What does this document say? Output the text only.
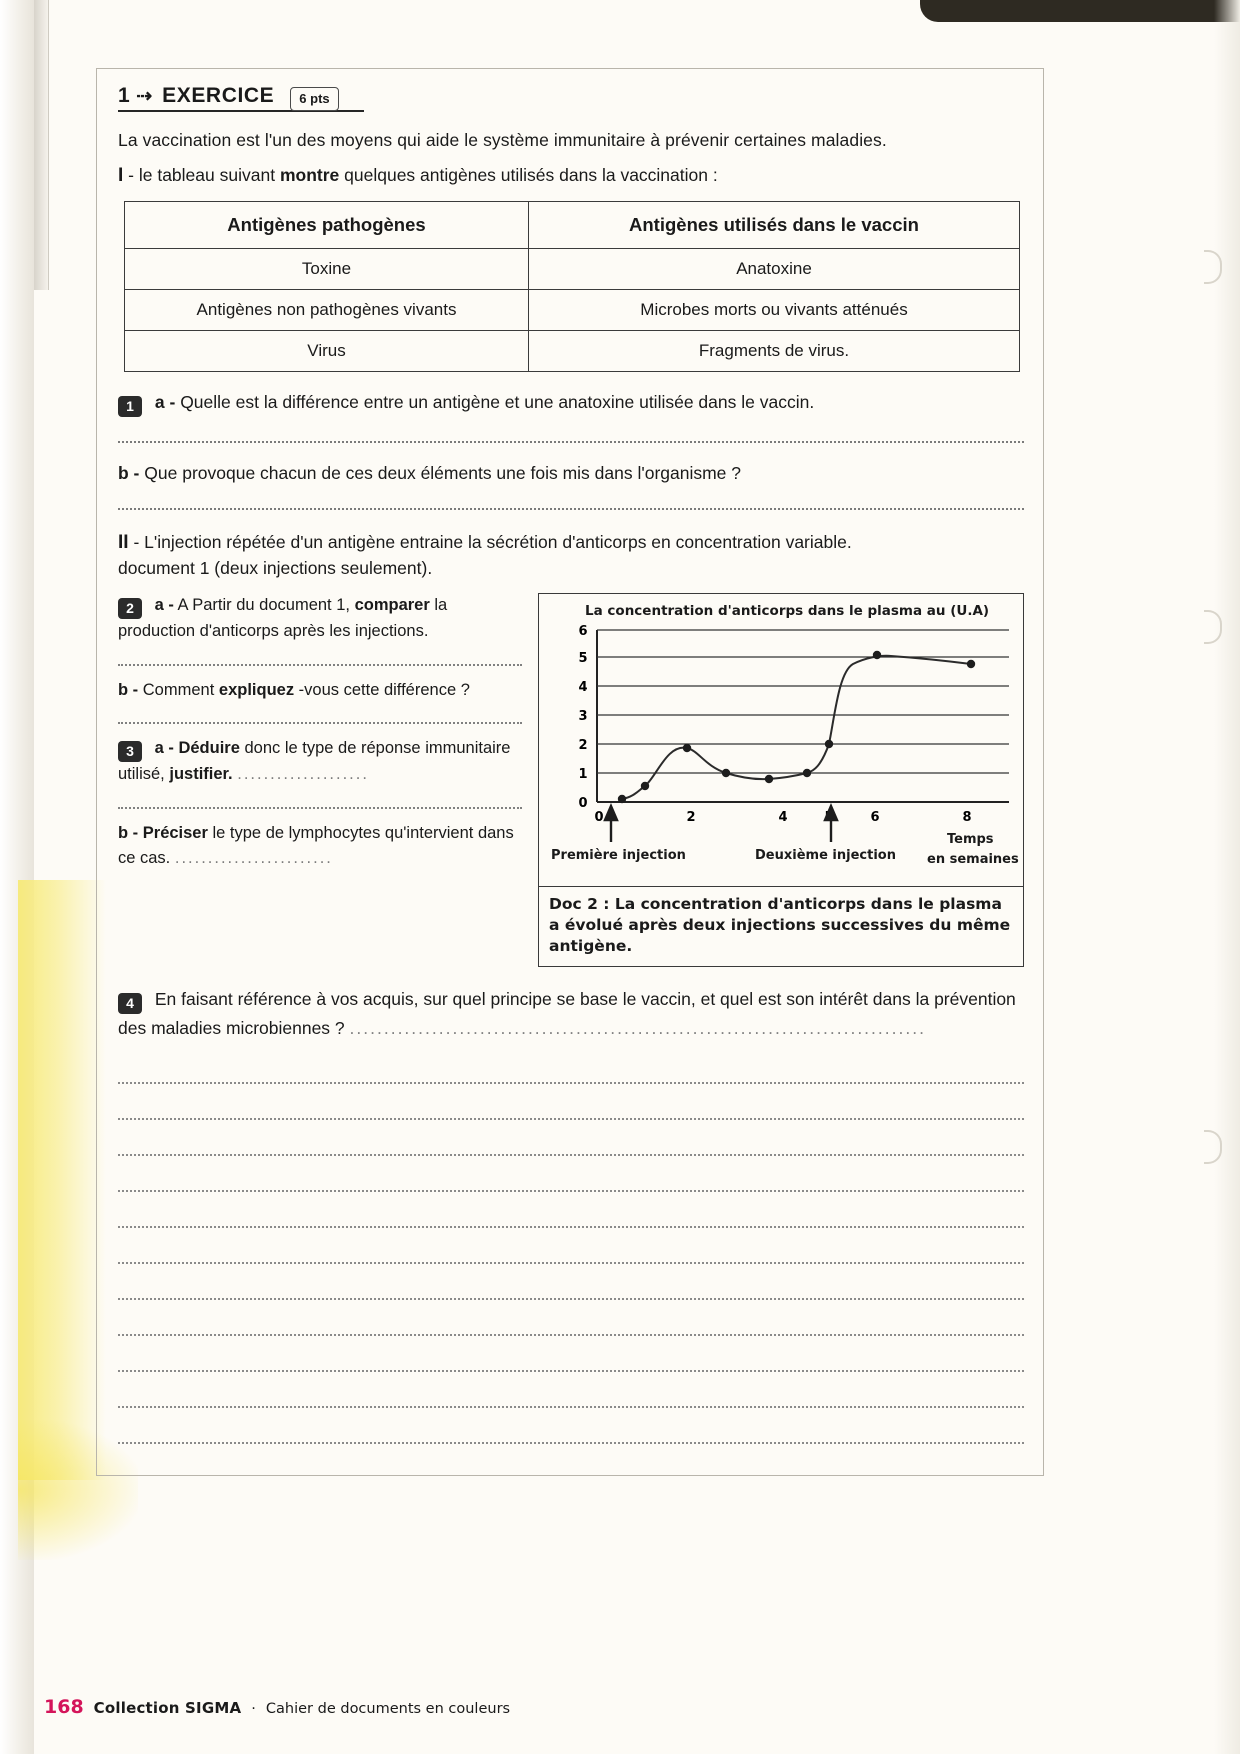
1 ⇢ EXERCICE	6 pts
La vaccination est l'un des moyens qui aide le système immunitaire à prévenir certaines maladies.
I - le tableau suivant montre quelques antigènes utilisés dans la vaccination :
Antigènes pathogènes	Antigènes utilisés dans le vaccin
Toxine	Anatoxine
Antigènes non pathogènes vivants	Microbes morts ou vivants atténués
Virus	Fragments de virus.
1 a - Quelle est la différence entre un antigène et une anatoxine utilisée dans le vaccin.
b - Que provoque chacun de ces deux éléments une fois mis dans l'organisme ?
II - L'injection répétée d'un antigène entraine la sécrétion d'anticorps en concentration variable.
document 1 (deux injections seulement).
2 a - A Partir du document 1, comparer la production d'anticorps après les injections.
b - Comment expliquez -vous cette différence ?
3 a - Déduire donc le type de réponse immunitaire utilisé, justifier. ....................
b - Préciser le type de lymphocytes qu'intervient dans ce cas. ........................
La concentration d'anticorps dans le plasma au (U.A)
0
1
2
3
4
5
6
0	2	4	6	8
Première injection	Deuxième injection
Temps
en semaines
Doc 2 : La concentration d'anticorps dans le plasma a évolué après deux injections successives du même antigène.
4 En faisant référence à vos acquis, sur quel principe se base le vaccin, et quel est son intérêt dans la prévention des maladies microbiennes ? ....................................................................................
168 Collection SIGMA · Cahier de documents en couleurs
